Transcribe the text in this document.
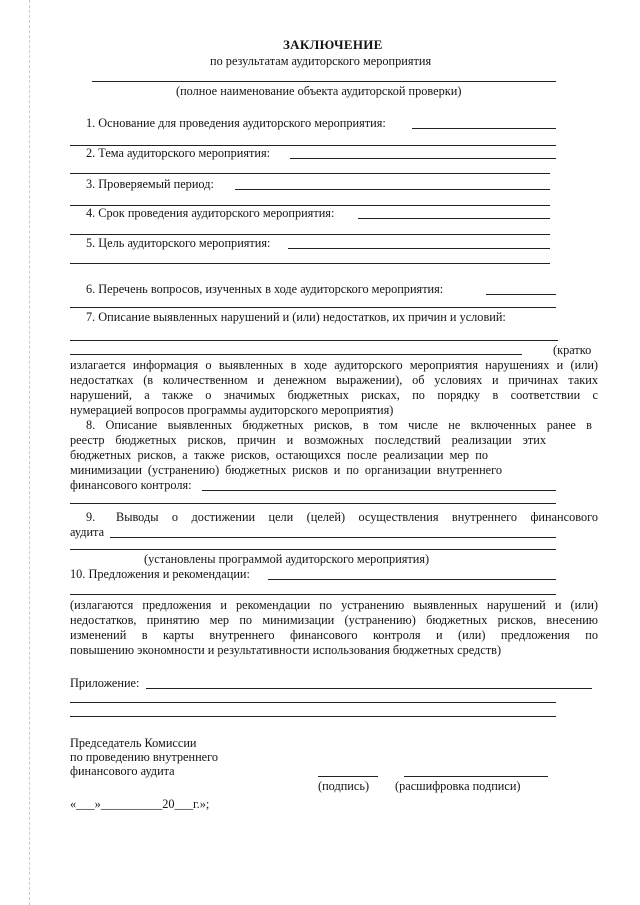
ЗАКЛЮЧЕНИЕ
по результатам аудиторского мероприятия
(полное наименование объекта аудиторской проверки)
1. Основание для проведения аудиторского мероприятия:
2. Тема аудиторского мероприятия:
3. Проверяемый период:
4. Срок проведения аудиторского мероприятия:
5. Цель аудиторского мероприятия:
6. Перечень вопросов, изученных в ходе аудиторского мероприятия:
7. Описание выявленных нарушений и (или) недостатков, их причин и условий:
(кратко
излагается информация о выявленных в ходе аудиторского мероприятия нарушениях и (или)
недостатках (в количественном и денежном выражении), об условиях и причинах таких
нарушений, а также о значимых бюджетных рисках, по порядку в соответствии с
нумерацией вопросов программы аудиторского мероприятия)
8. Описание выявленных бюджетных рисков, в том числе не включенных ранее в
реестр бюджетных рисков, причин и возможных последствий реализации этих
бюджетных рисков, а также рисков, остающихся после реализации мер по
минимизации (устранению) бюджетных рисков и по организации внутреннего
финансового контроля:
9. Выводы о достижении цели (целей) осуществления внутреннего финансового
аудита
(установлены программой аудиторского мероприятия)
10. Предложения и рекомендации:
(излагаются предложения и рекомендации по устранению выявленных нарушений и (или)
недостатков, принятию мер по минимизации (устранению) бюджетных рисков, внесению
изменений в карты внутреннего финансового контроля и (или) предложения по
повышению экономности и результативности использования бюджетных средств)
Приложение:
Председатель Комиссии
по проведению внутреннего
финансового аудита
(подпись) (расшифровка подписи)
«___»__________20___г.»;
